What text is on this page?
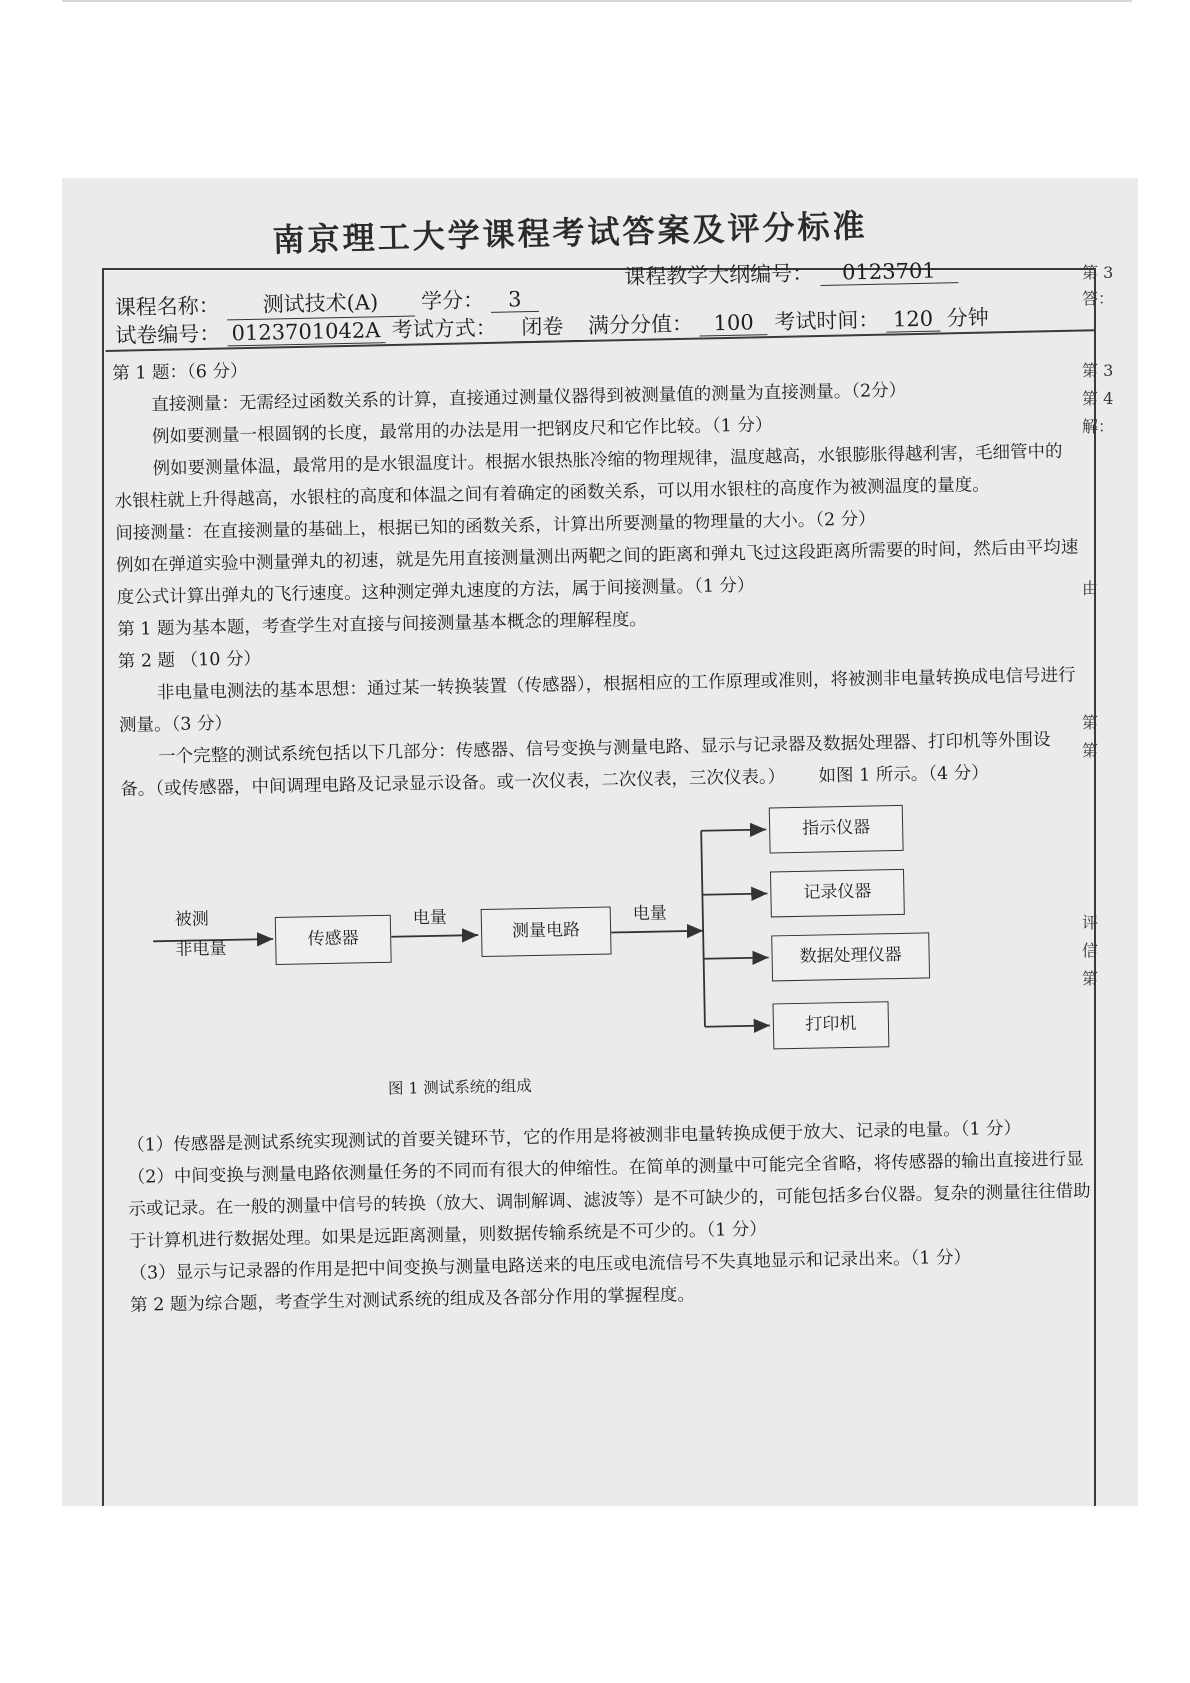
南京理工大学课程考试答案及评分标准
课程教学大纲编号： 0123701
课程名称： 测试技术(A) 学分： 3
试卷编号： 0123701042A 考试方式： 闭卷 满分分值： 100 考试时间： 120 分钟

第 1 题：（6 分）

直接测量：无需经过函数关系的计算，直接通过测量仪器得到被测量值的测量为直接测量。（2分）

例如要测量一根圆钢的长度，最常用的办法是用一把钢皮尺和它作比较。（1 分）

例如要测量体温，最常用的是水银温度计。根据水银热胀冷缩的物理规律，温度越高，水银膨胀得越利害，毛细管中的水银柱就上升得越高，水银柱的高度和体温之间有着确定的函数关系，可以用水银柱的高度作为被测温度的量度。

间接测量：在直接测量的基础上，根据已知的函数关系，计算出所要测量的物理量的大小。（2 分）

例如在弹道实验中测量弹丸的初速，就是先用直接测量测出两靶之间的距离和弹丸飞过这段距离所需要的时间，然后由平均速度公式计算出弹丸的飞行速度。这种测定弹丸速度的方法，属于间接测量。（1 分）

第 1 题为基本题，考查学生对直接与间接测量基本概念的理解程度。

第 2 题 （10 分）

非电量电测法的基本思想：通过某一转换装置（传感器），根据相应的工作原理或准则，将被测非电量转换成电信号进行测量。（3 分）

一个完整的测试系统包括以下几部分：传感器、信号变换与测量电路、显示与记录器及数据处理器、打印机等外围设备。（或传感器，中间调理电路及记录显示设备。或一次仪表，二次仪表，三次仪表。） 如图 1 所示。（4 分）

被测
非电量
传感器
电量
测量电路
电量
指示仪器
记录仪器
数据处理仪器
打印机
图 1 测试系统的组成

（1）传感器是测试系统实现测试的首要关键环节，它的作用是将被测非电量转换成便于放大、记录的电量。（1 分）

（2）中间变换与测量电路依测量任务的不同而有很大的伸缩性。在简单的测量中可能完全省略，将传感器的输出直接进行显示或记录。在一般的测量中信号的转换（放大、调制解调、滤波等）是不可缺少的，可能包括多台仪器。复杂的测量往往借助于计算机进行数据处理。如果是远距离测量，则数据传输系统是不可少的。（1 分）

（3）显示与记录器的作用是把中间变换与测量电路送来的电压或电流信号不失真地显示和记录出来。（1 分）

第 2 题为综合题，考查学生对测试系统的组成及各部分作用的掌握程度。

第 3
答：
第 3
第 4
解：
由
第
第
评
信
第
